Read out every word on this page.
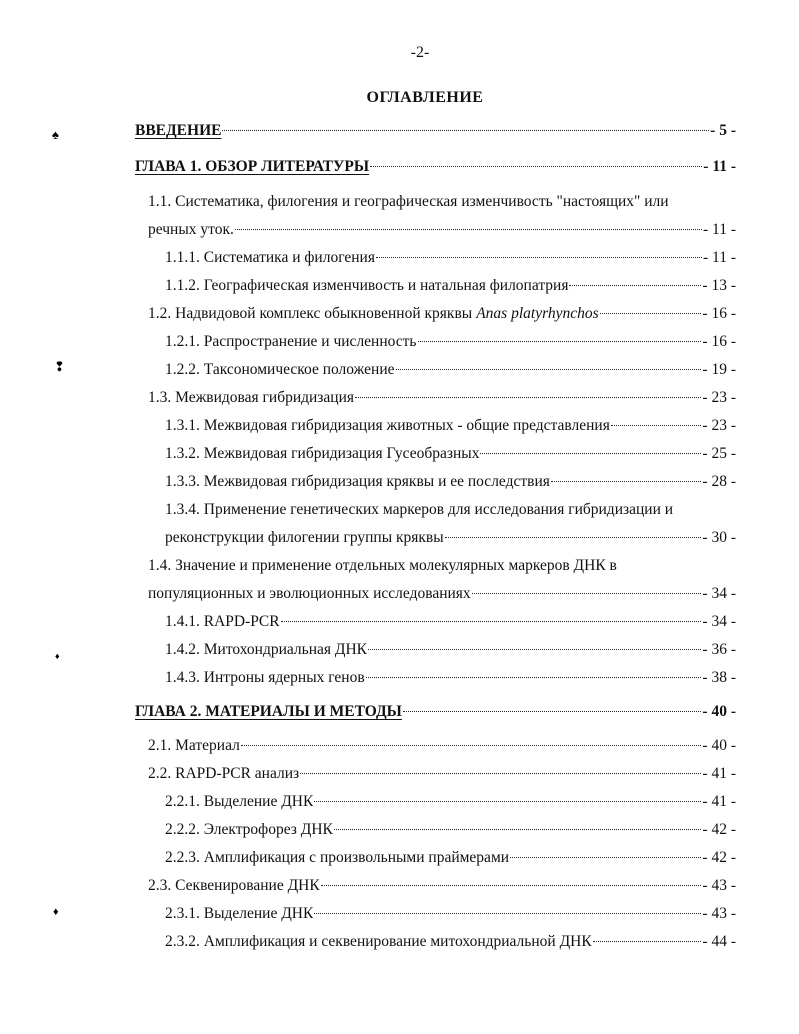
♠
❢
♦
♦
-2-
ОГЛАВЛЕНИЕ
ВВЕДЕНИЕ	- 5 -
ГЛАВА 1. ОБЗОР ЛИТЕРАТУРЫ	- 11 -
1.1. Систематика, филогения и географическая изменчивость "настоящих" или
речных уток.	- 11 -
1.1.1. Систематика и филогения	- 11 -
1.1.2. Географическая изменчивость и натальная филопатрия	- 13 -
1.2. Надвидовой комплекс обыкновенной кряквы Anas platyrhynchos	- 16 -
1.2.1. Распространение и численность	- 16 -
1.2.2. Таксономическое положение	- 19 -
1.3. Межвидовая гибридизация	- 23 -
1.3.1. Межвидовая гибридизация животных - общие представления	- 23 -
1.3.2. Межвидовая гибридизация Гусеобразных	- 25 -
1.3.3. Межвидовая гибридизация кряквы и ее последствия	- 28 -
1.3.4. Применение генетических маркеров для исследования гибридизации и
реконструкции филогении группы кряквы	- 30 -
1.4. Значение и применение отдельных молекулярных маркеров ДНК в
популяционных и эволюционных исследованиях	- 34 -
1.4.1. RAPD-PCR	- 34 -
1.4.2. Митохондриальная ДНК	- 36 -
1.4.3. Интроны ядерных генов	- 38 -
ГЛАВА 2. МАТЕРИАЛЫ И МЕТОДЫ	- 40 -
2.1. Материал	- 40 -
2.2. RAPD-PCR анализ	- 41 -
2.2.1. Выделение ДНК	- 41 -
2.2.2. Электрофорез ДНК	- 42 -
2.2.3. Амплификация с произвольными праймерами	- 42 -
2.3. Секвенирование ДНК	- 43 -
2.3.1. Выделение ДНК	- 43 -
2.3.2. Амплификация и секвенирование митохондриальной ДНК	- 44 -
